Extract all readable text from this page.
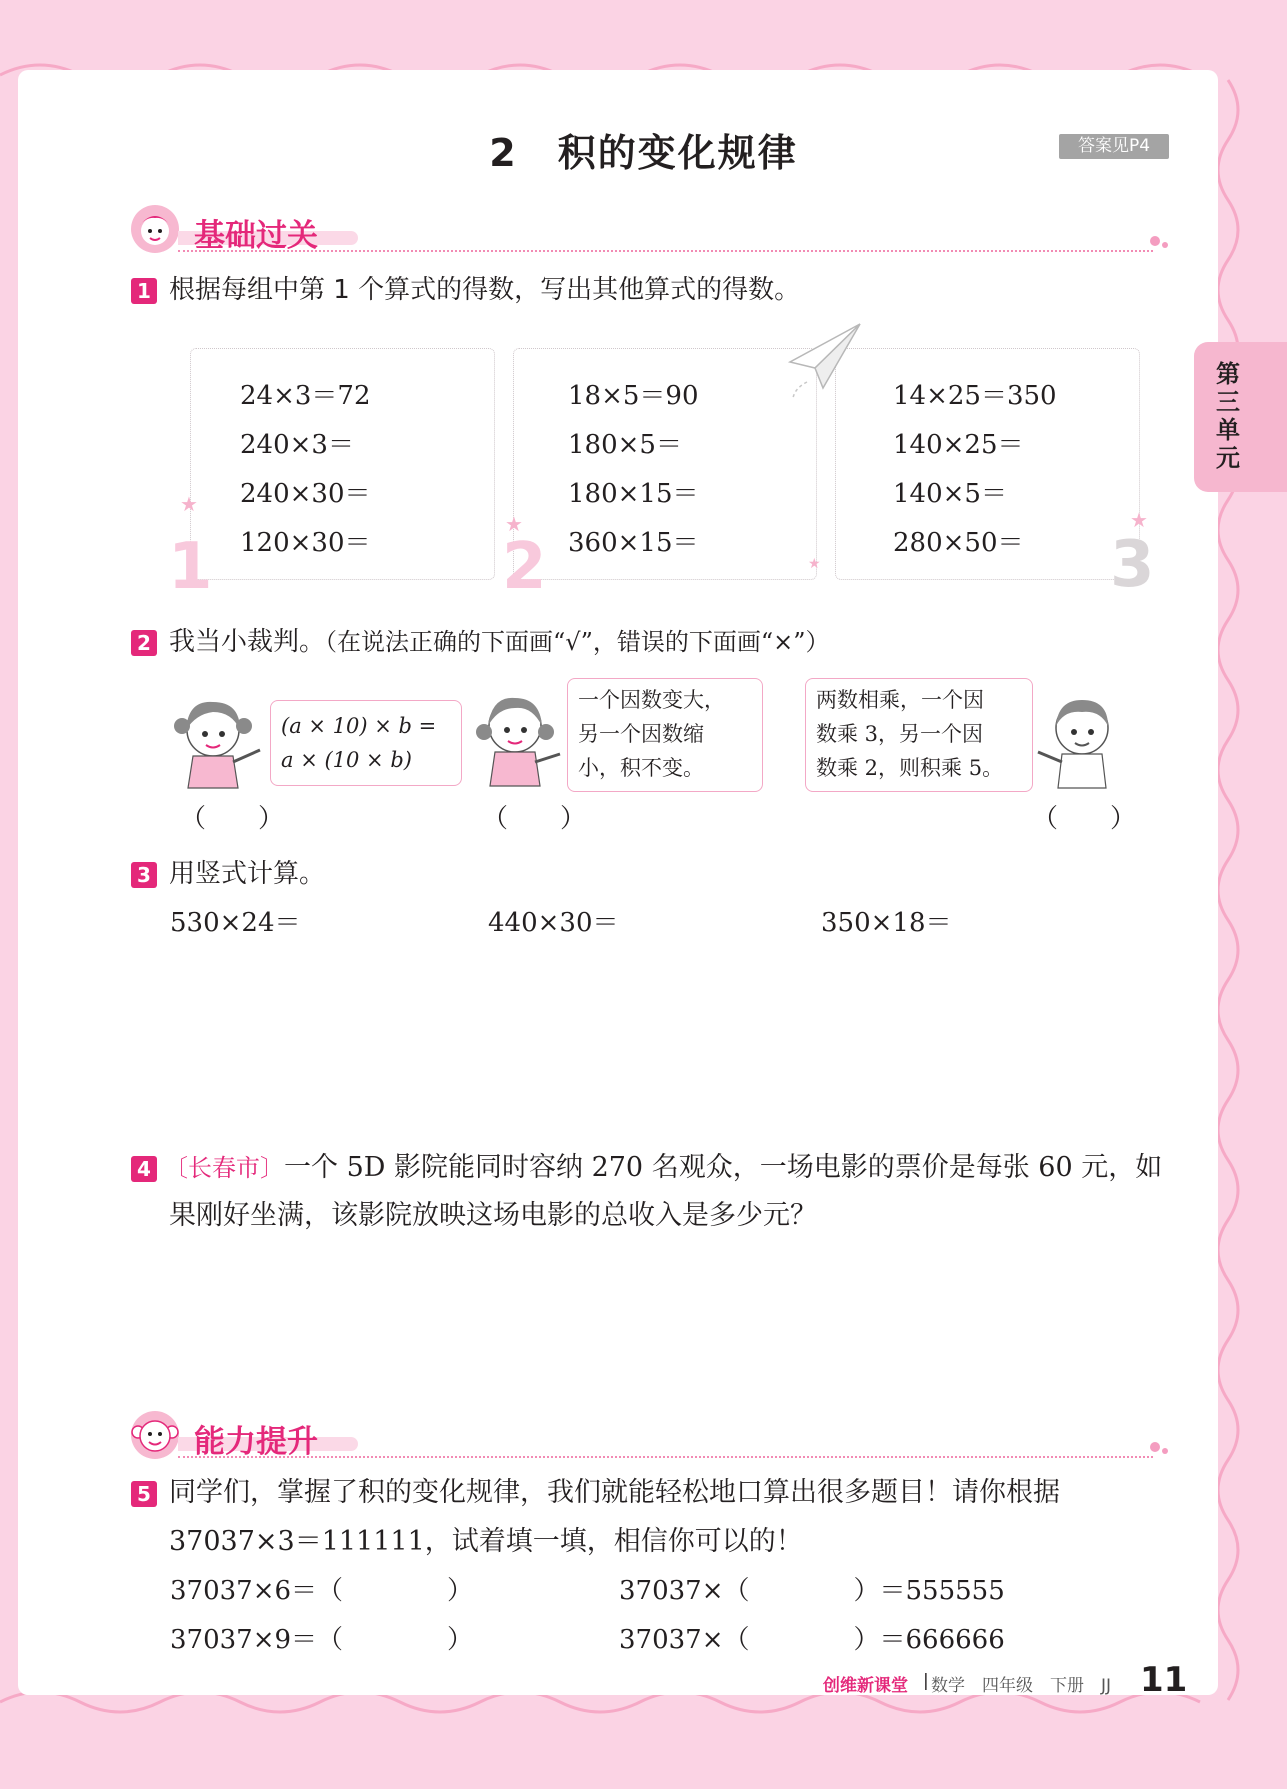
2　积的变化规律	答案见P4
第三单元
基础过关
1 根据每组中第 1 个算式的得数，写出其他算式的得数。
24×3＝72
240×3＝
240×30＝
120×30＝
18×5＝90
180×5＝
180×15＝
360×15＝
14×25＝350
140×25＝
140×5＝
280×50＝
1	2	3
★
★
★
★
2 我当小裁判。（在说法正确的下面画“√”，错误的下面画“×”）
(a × 10) × b =
a × (10 × b)
一个因数变大，
另一个因数缩
小，积不变。
两数相乘，一个因
数乘 3，另一个因
数乘 2，则积乘 5。
（　　）	（　　）	（　　）
3 用竖式计算。
530×24＝	440×30＝	350×18＝
4 〔长春市〕一个 5D 影院能同时容纳 270 名观众，一场电影的票价是每张 60 元，如
果刚好坐满，该影院放映这场电影的总收入是多少元？
能力提升
5 同学们，掌握了积的变化规律，我们就能轻松地口算出很多题目！请你根据
37037×3＝111111，试着填一填，相信你可以的！
37037×6＝（　　　　）	37037×（　　　　）＝555555
37037×9＝（　　　　）	37037×（　　　　）＝666666
创维新课堂 | 数学　四年级　下册　JJ 11
